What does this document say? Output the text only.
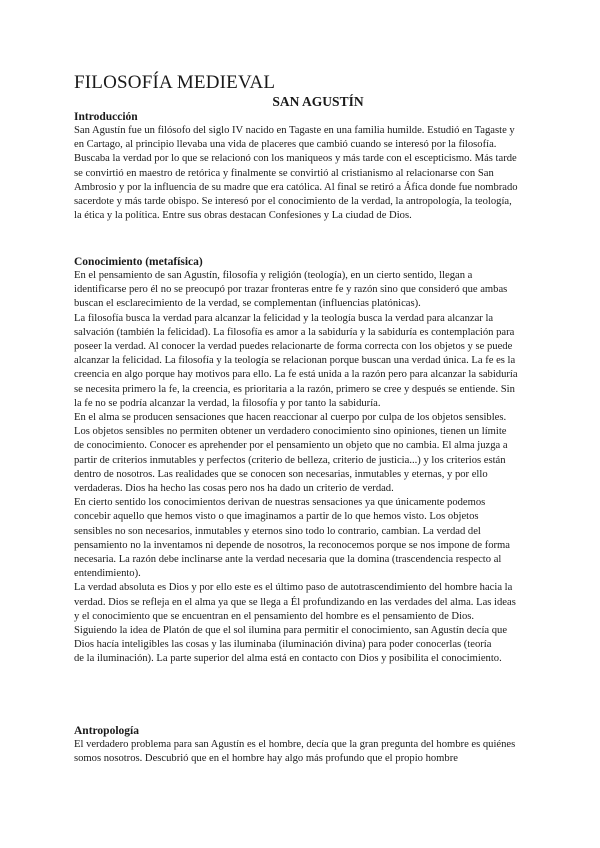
FILOSOFÍA MEDIEVAL
SAN AGUSTÍN
Introducción

San Agustín fue un filósofo del siglo IV nacido en Tagaste en una familia humilde. Estudió en Tagaste y en Cartago, al principio llevaba una vida de placeres que cambió cuando se interesó por la filosofía. Buscaba la verdad por lo que se relacionó con los maniqueos y más tarde con el escepticismo. Más tarde se convirtió en maestro de retórica y finalmente se convirtió al cristianismo al relacionarse con San Ambrosio y por la influencia de su madre que era católica. Al final se retiró a Áfica donde fue nombrado sacerdote y más tarde obispo. Se interesó por el conocimiento de la verdad, la antropología, la teología, la ética y la política. Entre sus obras destacan Confesiones y La ciudad de Dios.

Conocimiento (metafísica)
En el pensamiento de san Agustín, filosofía y religión (teología), en un cierto sentido, llegan a identificarse pero él no se preocupó por trazar fronteras entre fe y razón sino que consideró que ambas buscan el esclarecimiento de la verdad, se complementan (influencias platónicas).
La filosofía busca la verdad para alcanzar la felicidad y la teología busca la verdad para alcanzar la salvación (también la felicidad). La filosofía es amor a la sabiduría y la sabiduría es contemplación para poseer la verdad. Al conocer la verdad puedes relacionarte de forma correcta con los objetos y se puede alcanzar la felicidad. La filosofía y la teología se relacionan porque buscan una verdad única. La fe es la creencia en algo porque hay motivos para ello. La fe está unida a la razón pero para alcanzar la sabiduría se necesita primero la fe, la creencia, es prioritaria a la razón, primero se cree y después se entiende. Sin la fe no se podría alcanzar la verdad, la filosofía y por tanto la sabiduría.
En el alma se producen sensaciones que hacen reaccionar al cuerpo por culpa de los objetos sensibles. Los objetos sensibles no permiten obtener un verdadero conocimiento sino opiniones, tienen un límite de conocimiento. Conocer es aprehender por el pensamiento un objeto que no cambia. El alma juzga a partir de criterios inmutables y perfectos (criterio de belleza, criterio de justicia...) y los criterios están dentro de nosotros. Las realidades que se conocen son necesarias, inmutables y eternas, y por ello verdaderas. Dios ha hecho las cosas pero nos ha dado un criterio de verdad.
En cierto sentido los conocimientos derivan de nuestras sensaciones ya que únicamente podemos concebir aquello que hemos visto o que imaginamos a partir de lo que hemos visto. Los objetos sensibles no son necesarios, inmutables y eternos sino todo lo contrario, cambian. La verdad del pensamiento no la inventamos ni depende de nosotros, la reconocemos porque se nos impone de forma necesaria. La razón debe inclinarse ante la verdad necesaria que la domina (trascendencia respecto al entendimiento).
La verdad absoluta es Dios y por ello este es el último paso de autotrascendimiento del hombre hacia la verdad. Dios se refleja en el alma ya que se llega a Él profundizando en las verdades del alma. Las ideas y el conocimiento que se encuentran en el pensamiento del hombre es el pensamiento de Dios. Siguiendo la idea de Platón de que el sol ilumina para permitir el conocimiento, san Agustín decía que Dios hacía inteligibles las cosas y las iluminaba (iluminación divina) para poder conocerlas (teoría
de la iluminación). La parte superior del alma está en contacto con Dios y posibilita el conocimiento.
Antropología

El verdadero problema para san Agustín es el hombre, decía que la gran pregunta del hombre es quiénes somos nosotros. Descubrió que en el hombre hay algo más profundo que el propio hombre
